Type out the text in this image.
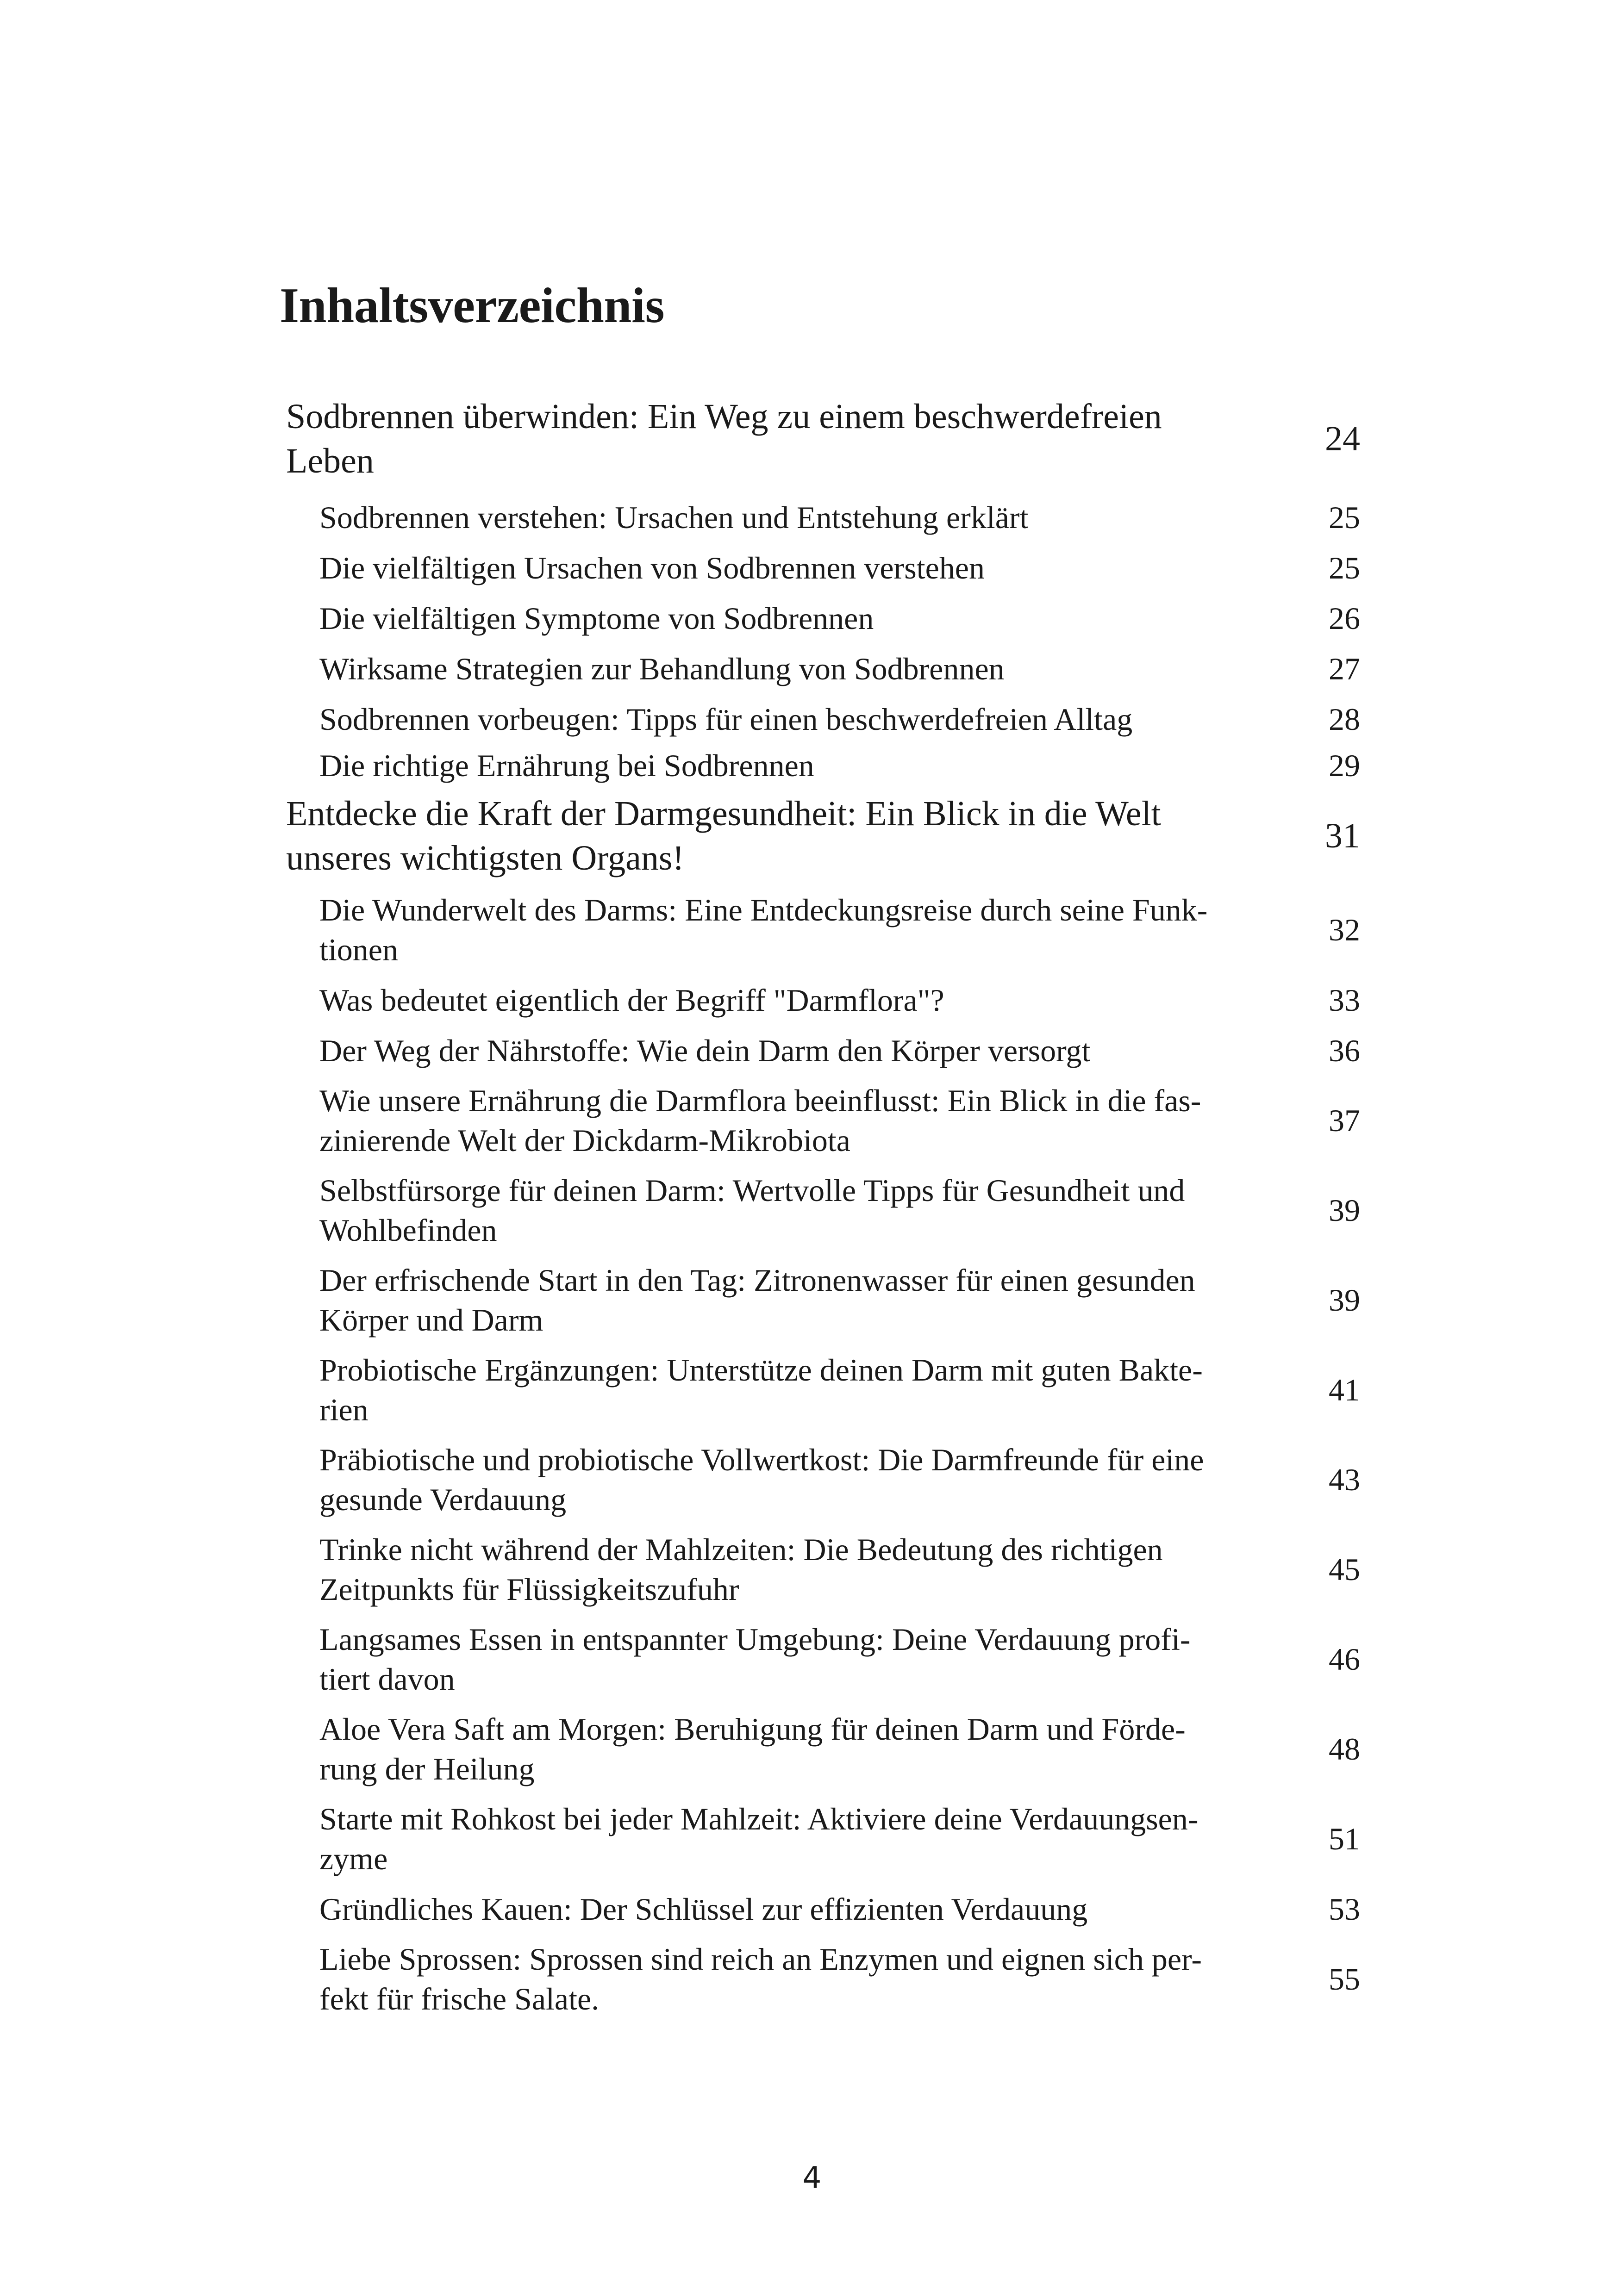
Inhaltsverzeichnis
Sodbrennen überwinden: Ein Weg zu einem beschwerdefreien
Leben
24
Sodbrennen verstehen: Ursachen und Entstehung erklärt	25
Die vielfältigen Ursachen von Sodbrennen verstehen	25
Die vielfältigen Symptome von Sodbrennen	26
Wirksame Strategien zur Behandlung von Sodbrennen	27
Sodbrennen vorbeugen: Tipps für einen beschwerdefreien Alltag	28
Die richtige Ernährung bei Sodbrennen	29
Entdecke die Kraft der Darmgesundheit: Ein Blick in die Welt
unseres wichtigsten Organs!
31
Die Wunderwelt des Darms: Eine Entdeckungsreise durch seine Funk-
tionen
32
Was bedeutet eigentlich der Begriff "Darmflora"?	33
Der Weg der Nährstoffe: Wie dein Darm den Körper versorgt	36
Wie unsere Ernährung die Darmflora beeinflusst: Ein Blick in die fas-
zinierende Welt der Dickdarm-Mikrobiota
37
Selbstfürsorge für deinen Darm: Wertvolle Tipps für Gesundheit und
Wohlbefinden
39
Der erfrischende Start in den Tag: Zitronenwasser für einen gesunden
Körper und Darm
39
Probiotische Ergänzungen: Unterstütze deinen Darm mit guten Bakte-
rien
41
Präbiotische und probiotische Vollwertkost: Die Darmfreunde für eine
gesunde Verdauung
43
Trinke nicht während der Mahlzeiten: Die Bedeutung des richtigen
Zeitpunkts für Flüssigkeitszufuhr
45
Langsames Essen in entspannter Umgebung: Deine Verdauung profi-
tiert davon
46
Aloe Vera Saft am Morgen: Beruhigung für deinen Darm und Förde-
rung der Heilung
48
Starte mit Rohkost bei jeder Mahlzeit: Aktiviere deine Verdauungsen-
zyme
51
Gründliches Kauen: Der Schlüssel zur effizienten Verdauung	53
Liebe Sprossen: Sprossen sind reich an Enzymen und eignen sich per-
fekt für frische Salate.
55
4
